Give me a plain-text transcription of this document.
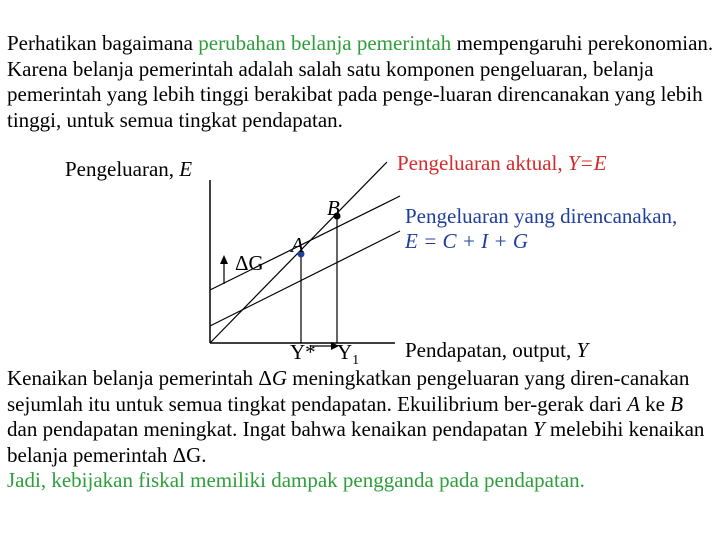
Perhatikan bagaimana perubahan belanja pemerintah mempengaruhi perekonomian. Karena belanja pemerintah adalah salah satu komponen pengeluaran, belanja pemerintah yang lebih tinggi berakibat pada penge-luaran direncanakan yang lebih tinggi, untuk semua tingkat pendapatan.
Pengeluaran, E	Pengeluaran aktual, Y=E
Pengeluaran yang direncanakan,
E = C + I + G
B
A
ΔG
Y* $Y_1$ Pendapatan, output, Y
Kenaikan belanja pemerintah ΔG meningkatkan pengeluaran yang diren-canakan sejumlah itu untuk semua tingkat pendapatan. Ekuilibrium ber-gerak dari A ke B dan pendapatan meningkat. Ingat bahwa kenaikan pendapatan Y melebihi kenaikan belanja pemerintah ΔG.
Jadi, kebijakan fiskal memiliki dampak pengganda pada pendapatan.
